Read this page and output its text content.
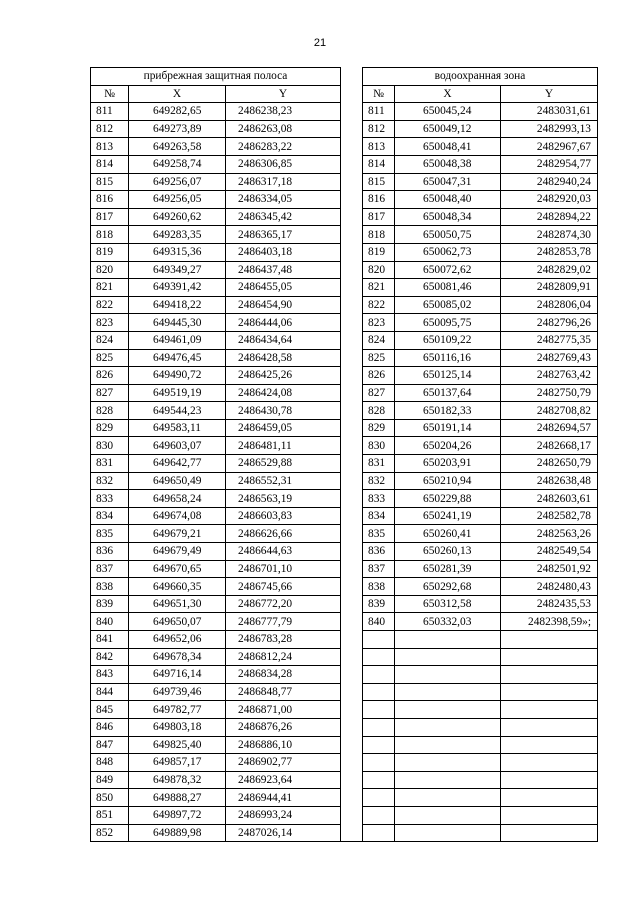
21
прибрежная защитная полоса				водоохранная зона		
№	X	Y		№	X	Y
811	649282,65	2486238,23		811	650045,24	2483031,61
812	649273,89	2486263,08		812	650049,12	2482993,13
813	649263,58	2486283,22		813	650048,41	2482967,67
814	649258,74	2486306,85		814	650048,38	2482954,77
815	649256,07	2486317,18		815	650047,31	2482940,24
816	649256,05	2486334,05		816	650048,40	2482920,03
817	649260,62	2486345,42		817	650048,34	2482894,22
818	649283,35	2486365,17		818	650050,75	2482874,30
819	649315,36	2486403,18		819	650062,73	2482853,78
820	649349,27	2486437,48		820	650072,62	2482829,02
821	649391,42	2486455,05		821	650081,46	2482809,91
822	649418,22	2486454,90		822	650085,02	2482806,04
823	649445,30	2486444,06		823	650095,75	2482796,26
824	649461,09	2486434,64		824	650109,22	2482775,35
825	649476,45	2486428,58		825	650116,16	2482769,43
826	649490,72	2486425,26		826	650125,14	2482763,42
827	649519,19	2486424,08		827	650137,64	2482750,79
828	649544,23	2486430,78		828	650182,33	2482708,82
829	649583,11	2486459,05		829	650191,14	2482694,57
830	649603,07	2486481,11		830	650204,26	2482668,17
831	649642,77	2486529,88		831	650203,91	2482650,79
832	649650,49	2486552,31		832	650210,94	2482638,48
833	649658,24	2486563,19		833	650229,88	2482603,61
834	649674,08	2486603,83		834	650241,19	2482582,78
835	649679,21	2486626,66		835	650260,41	2482563,26
836	649679,49	2486644,63		836	650260,13	2482549,54
837	649670,65	2486701,10		837	650281,39	2482501,92
838	649660,35	2486745,66		838	650292,68	2482480,43
839	649651,30	2486772,20		839	650312,58	2482435,53
840	649650,07	2486777,79		840	650332,03	2482398,59»;
841	649652,06	2486783,28				
842	649678,34	2486812,24				
843	649716,14	2486834,28				
844	649739,46	2486848,77				
845	649782,77	2486871,00				
846	649803,18	2486876,26				
847	649825,40	2486886,10				
848	649857,17	2486902,77				
849	649878,32	2486923,64				
850	649888,27	2486944,41				
851	649897,72	2486993,24				
852	649889,98	2487026,14				
